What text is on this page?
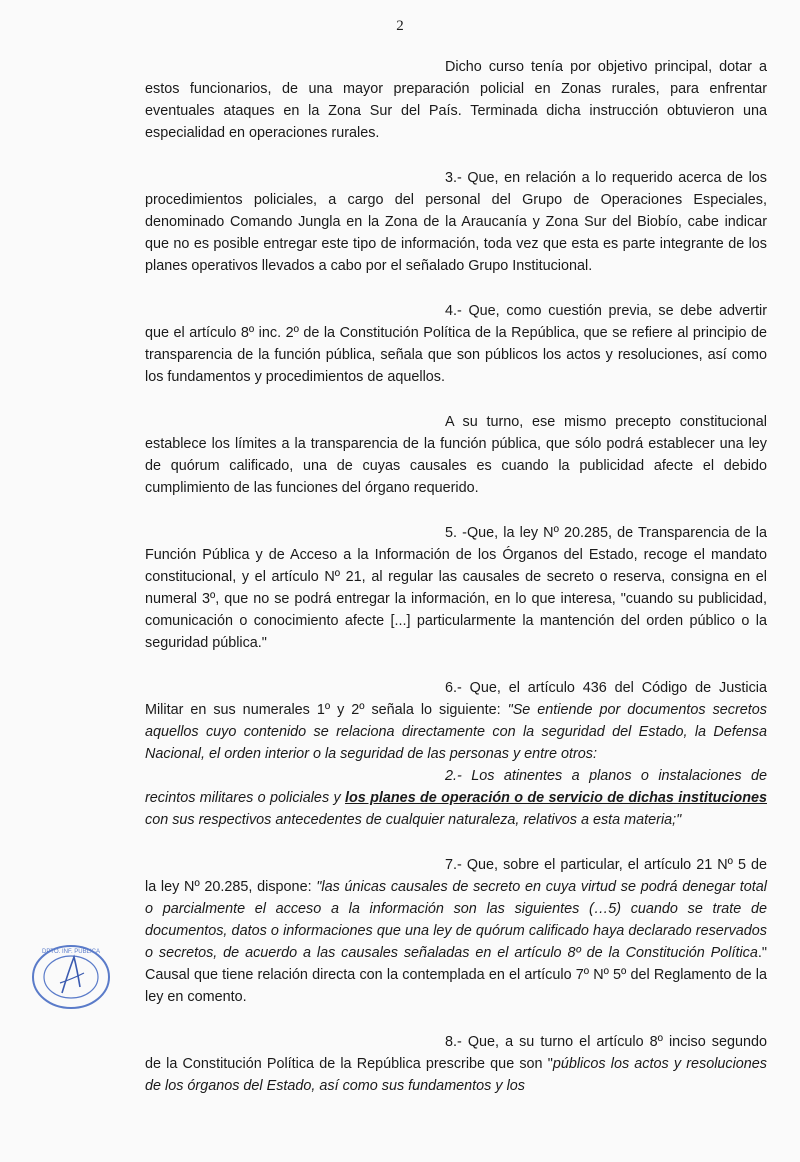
2

Dicho curso tenía por objetivo principal, dotar a estos funcionarios, de una mayor preparación policial en Zonas rurales, para enfrentar eventuales ataques en la Zona Sur del País. Terminada dicha instrucción obtuvieron una especialidad en operaciones rurales.

3.- Que, en relación a lo requerido acerca de los procedimientos policiales, a cargo del personal del Grupo de Operaciones Especiales, denominado Comando Jungla en la Zona de la Araucanía y Zona Sur del Biobío, cabe indicar que no es posible entregar este tipo de información, toda vez que esta es parte integrante de los planes operativos llevados a cabo por el señalado Grupo Institucional.

4.- Que, como cuestión previa, se debe advertir que el artículo 8º inc. 2º de la Constitución Política de la República, que se refiere al principio de transparencia de la función pública, señala que son públicos los actos y resoluciones, así como los fundamentos y procedimientos de aquellos.

A su turno, ese mismo precepto constitucional establece los límites a la transparencia de la función pública, que sólo podrá establecer una ley de quórum calificado, una de cuyas causales es cuando la publicidad afecte el debido cumplimiento de las funciones del órgano requerido.

5. -Que, la ley Nº 20.285, de Transparencia de la Función Pública y de Acceso a la Información de los Órganos del Estado, recoge el mandato constitucional, y el artículo Nº 21, al regular las causales de secreto o reserva, consigna en el numeral 3º, que no se podrá entregar la información, en lo que interesa, "cuando su publicidad, comunicación o conocimiento afecte [...] particularmente la mantención del orden público o la seguridad pública."

6.- Que, el artículo 436 del Código de Justicia Militar en sus numerales 1º y 2º señala lo siguiente: "Se entiende por documentos secretos aquellos cuyo contenido se relaciona directamente con la seguridad del Estado, la Defensa Nacional, el orden interior o la seguridad de las personas y entre otros:
2.- Los atinentes a planos o instalaciones de recintos militares o policiales y los planes de operación o de servicio de dichas instituciones con sus respectivos antecedentes de cualquier naturaleza, relativos a esta materia;"

7.- Que, sobre el particular, el artículo 21 Nº 5 de la ley Nº 20.285, dispone: "las únicas causales de secreto en cuya virtud se podrá denegar total o parcialmente el acceso a la información son las siguientes (…5) cuando se trate de documentos, datos o informaciones que una ley de quórum calificado haya declarado reservados o secretos, de acuerdo a las causales señaladas en el artículo 8º de la Constitución Política." Causal que tiene relación directa con la contemplada en el artículo 7º Nº 5º del Reglamento de la ley en comento.

8.- Que, a su turno el artículo 8º inciso segundo de la Constitución Política de la República prescribe que son "públicos los actos y resoluciones de los órganos del Estado, así como sus fundamentos y los

DPTO. INF. PÚBLICA
